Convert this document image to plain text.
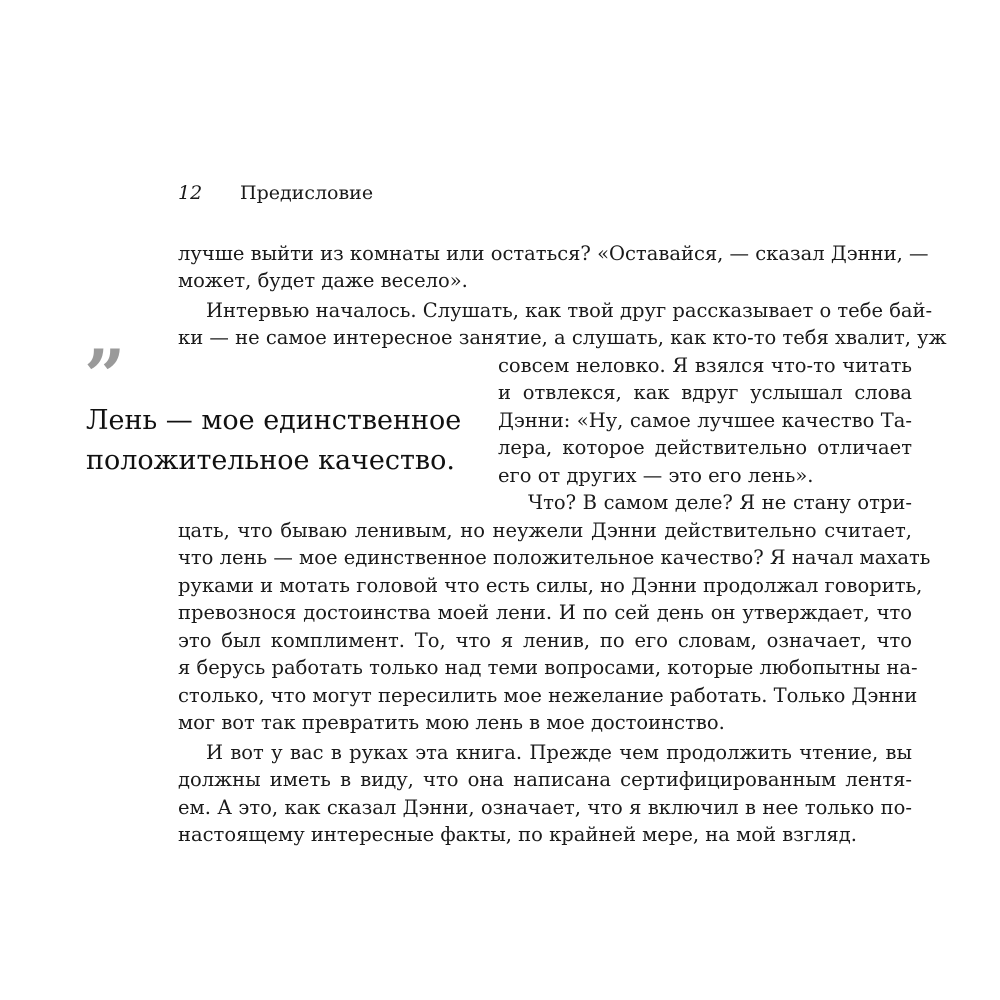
12 Предисловие
”
Лень — мое единственное
положительное качество.
лучше выйти из комнаты или остаться? «Оставайся, — сказал Дэнни, —
может, будет даже весело».
Интервью началось. Слушать, как твой друг рассказывает о тебе бай-
ки — не самое интересное занятие, а слушать, как кто-то тебя хвалит, уж
совсем неловко. Я взялся что-то читать
и отвлекся, как вдруг услышал слова
Дэнни: «Ну, самое лучшее качество Та-
лера, которое действительно отличает
его от других — это его лень».
Что? В самом деле? Я не стану отри-
цать, что бываю ленивым, но неужели Дэнни действительно считает,
что лень — мое единственное положительное качество? Я начал махать
руками и мотать головой что есть силы, но Дэнни продолжал говорить,
превознося достоинства моей лени. И по сей день он утверждает, что
это был комплимент. То, что я ленив, по его словам, означает, что
я берусь работать только над теми вопросами, которые любопытны на-
столько, что могут пересилить мое нежелание работать. Только Дэнни
мог вот так превратить мою лень в мое достоинство.
И вот у вас в руках эта книга. Прежде чем продолжить чтение, вы
должны иметь в виду, что она написана сертифицированным лентя-
ем. А это, как сказал Дэнни, означает, что я включил в нее только по-
настоящему интересные факты, по крайней мере, на мой взгляд.
